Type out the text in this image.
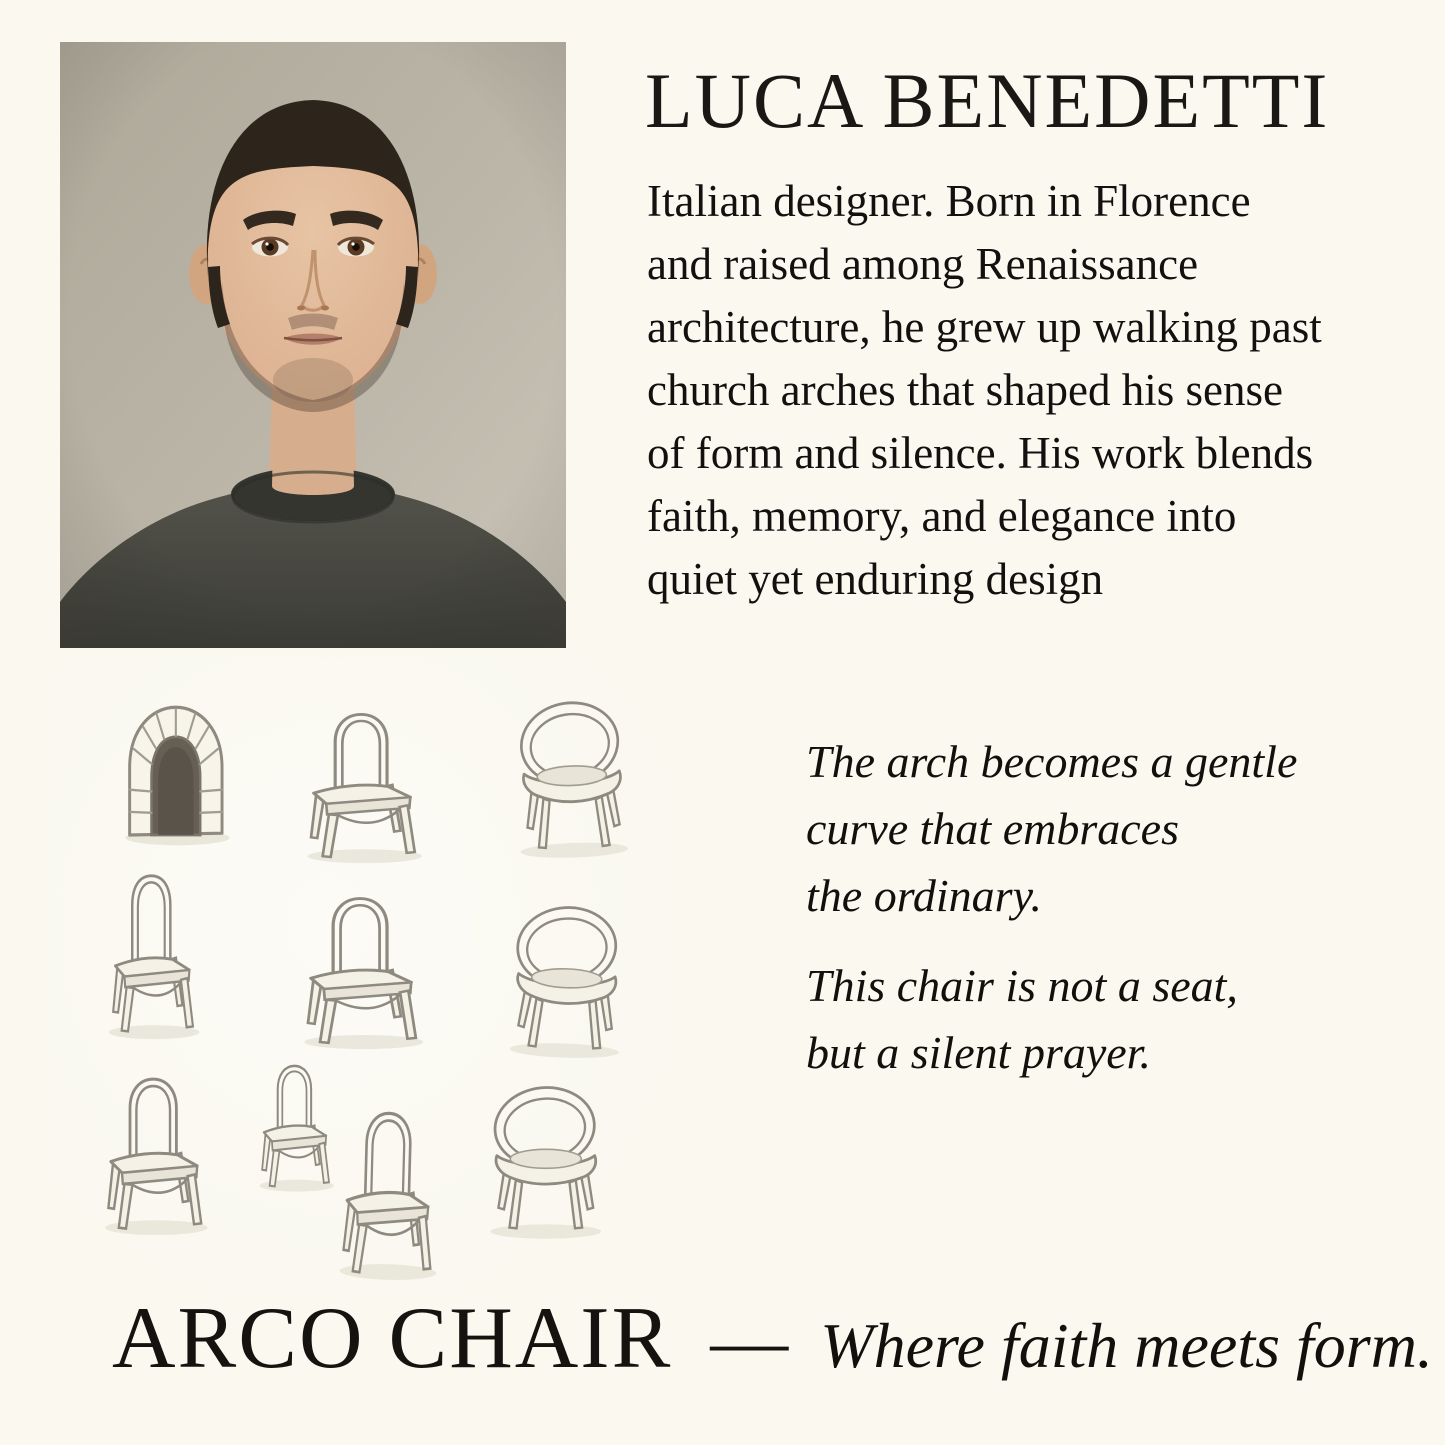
LUCA BENEDETTI
Italian designer. Born in Florence
and raised among Renaissance
architecture, he grew up walking past
church arches that shaped his sense
of form and silence. His work blends
faith, memory, and elegance into
quiet yet enduring design
The arch becomes a gentle
curve that embraces
the ordinary.
This chair is not a seat,
but a silent prayer.
ARCO CHAIR — Where faith meets form.
